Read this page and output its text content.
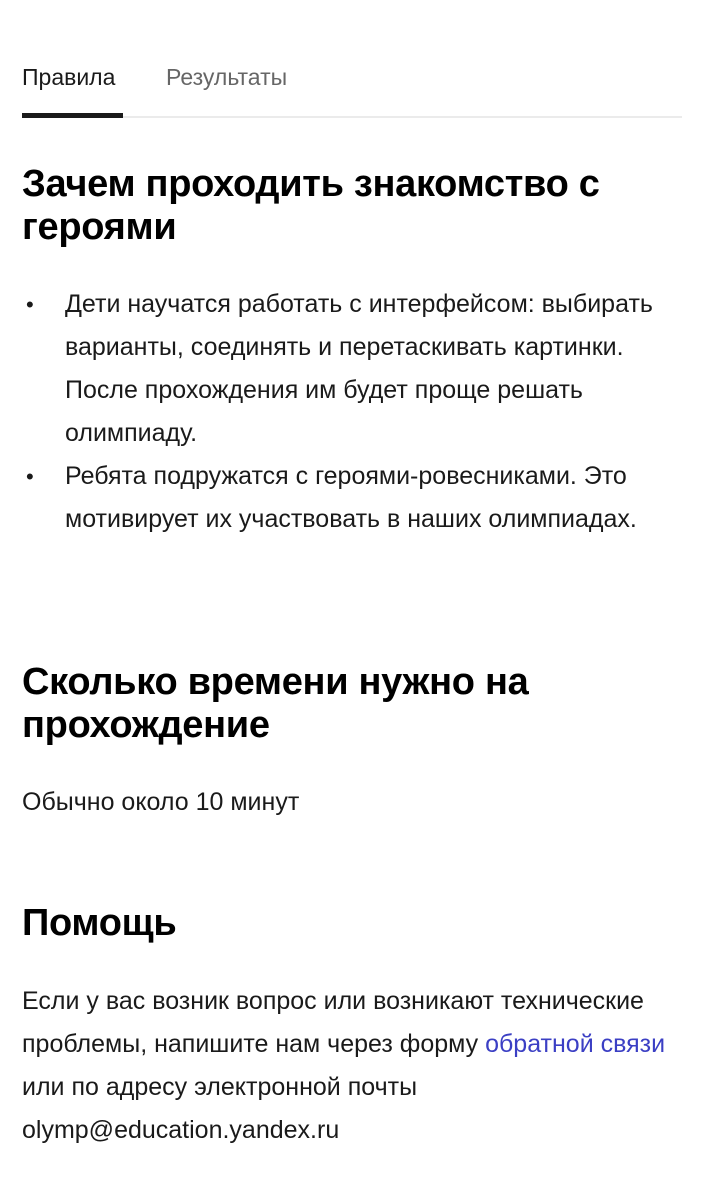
Правила Результаты
Зачем проходить знакомство с героями
• Дети научатся работать с интерфейсом: выбирать варианты, соединять и перетаскивать картинки. После прохождения им будет проще решать олимпиаду.
• Ребята подружатся с героями-ровесниками. Это мотивирует их участвовать в наших олимпиадах.
Сколько времени нужно на прохождение
Обычно около 10 минут
Помощь
Если у вас возник вопрос или возникают технические проблемы, напишите нам через форму обратной связи или по адресу электронной почты olymp@education.yandex.ru
